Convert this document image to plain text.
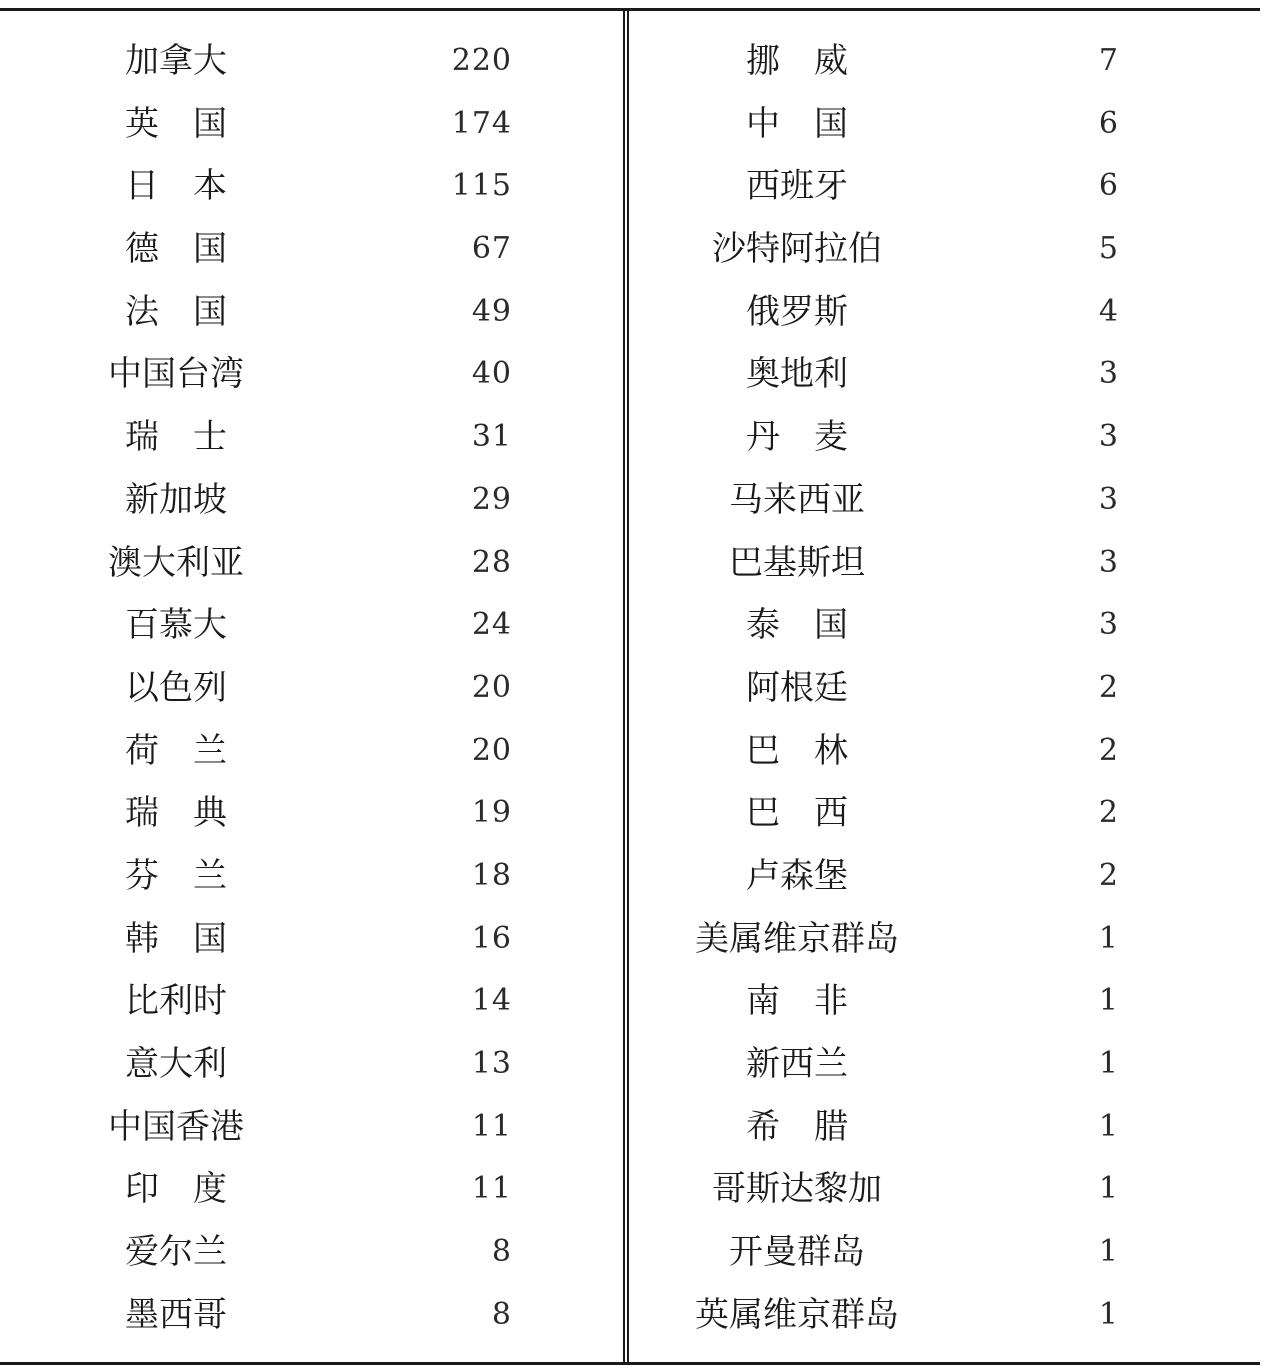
加拿大	220
英　国	174
日　本	115
德　国	67
法　国	49
中国台湾	40
瑞　士	31
新加坡	29
澳大利亚	28
百慕大	24
以色列	20
荷　兰	20
瑞　典	19
芬　兰	18
韩　国	16
比利时	14
意大利	13
中国香港	11
印　度	11
爱尔兰	8
墨西哥	8
挪　威	7
中　国	6
西班牙	6
沙特阿拉伯	5
俄罗斯	4
奥地利	3
丹　麦	3
马来西亚	3
巴基斯坦	3
泰　国	3
阿根廷	2
巴　林	2
巴　西	2
卢森堡	2
美属维京群岛	1
南　非	1
新西兰	1
希　腊	1
哥斯达黎加	1
开曼群岛	1
英属维京群岛	1
